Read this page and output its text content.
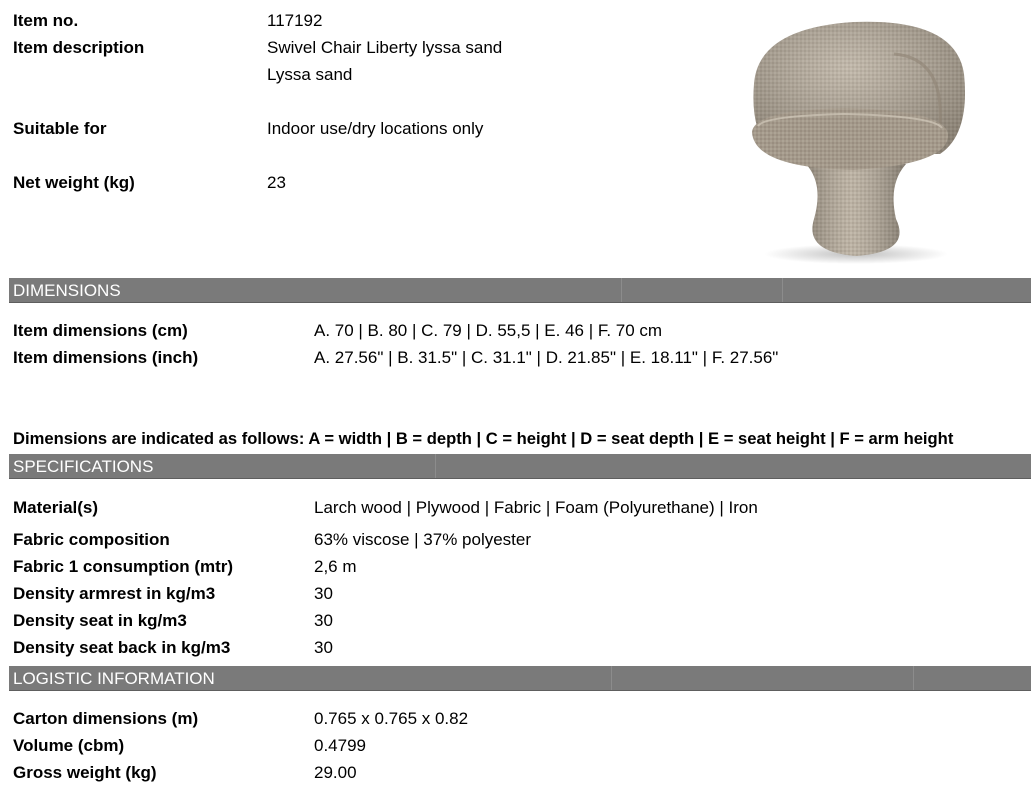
Item no.	117192
Item description	Swivel Chair Liberty lyssa sand
Lyssa sand
Suitable for	Indoor use/dry locations only
Net weight (kg)	23
DIMENSIONS
Item dimensions (cm)	A. 70 | B. 80 | C. 79 | D. 55,5 | E. 46 | F. 70 cm
Item dimensions (inch)	A. 27.56" | B. 31.5" | C. 31.1" | D. 21.85" | E. 18.11" | F. 27.56"
Dimensions are indicated as follows: A = width | B = depth | C = height | D = seat depth | E = seat height | F = arm height
SPECIFICATIONS
Material(s)	Larch wood | Plywood | Fabric | Foam (Polyurethane) | Iron
Fabric composition	63% viscose | 37% polyester
Fabric 1 consumption (mtr)	2,6 m
Density armrest in kg/m3	30
Density seat in kg/m3	30
Density seat back in kg/m3	30
LOGISTIC INFORMATION
Carton dimensions (m)	0.765 x 0.765 x 0.82
Volume (cbm)	0.4799
Gross weight (kg)	29.00
